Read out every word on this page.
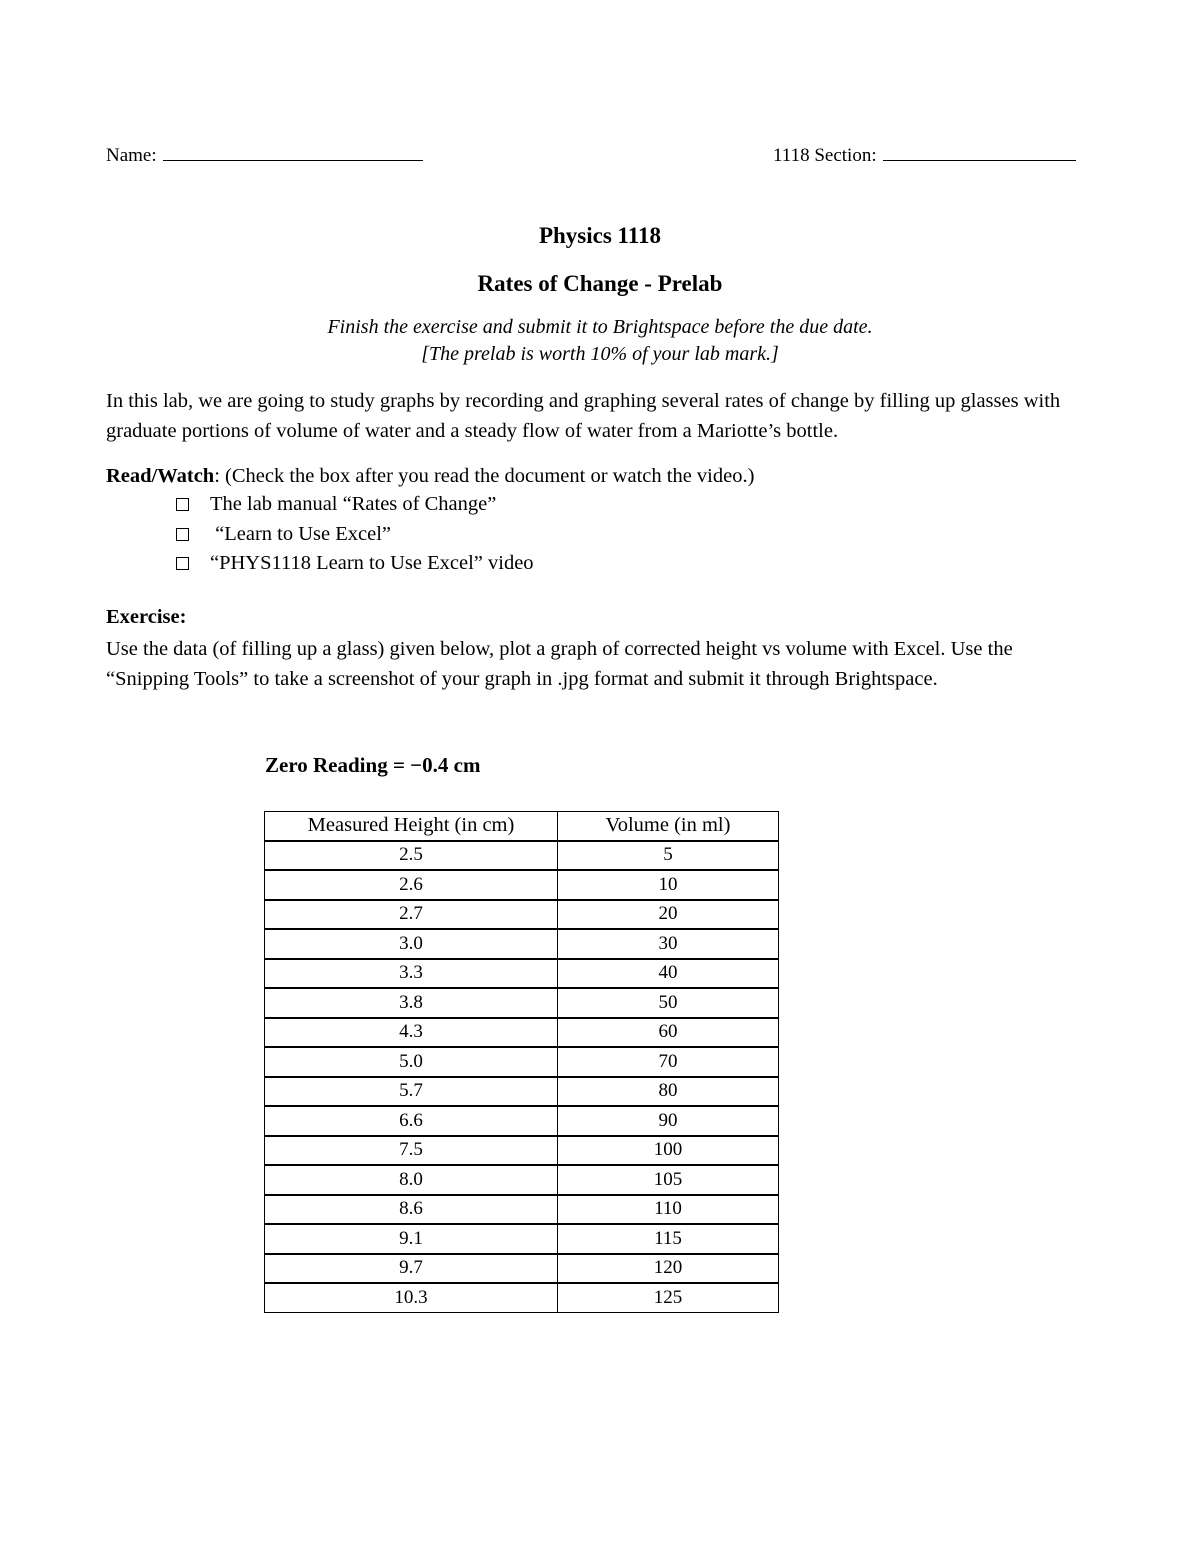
Name:	1118 Section:
Physics 1118
Rates of Change - Prelab
Finish the exercise and submit it to Brightspace before the due date.
[The prelab is worth 10% of your lab mark.]
In this lab, we are going to study graphs by recording and graphing several rates of change by filling up glasses with graduate portions of volume of water and a steady flow of water from a Mariotte’s bottle.
Read/Watch: (Check the box after you read the document or watch the video.)
The lab manual “Rates of Change”
“Learn to Use Excel”
“PHYS1118 Learn to Use Excel” video
Exercise:
Use the data (of filling up a glass) given below, plot a graph of corrected height vs volume with Excel. Use the “Snipping Tools” to take a screenshot of your graph in .jpg format and submit it through Brightspace.
Zero Reading = −0.4 cm
Measured Height (in cm)	Volume (in ml)
2.5	5
2.6	10
2.7	20
3.0	30
3.3	40
3.8	50
4.3	60
5.0	70
5.7	80
6.6	90
7.5	100
8.0	105
8.6	110
9.1	115
9.7	120
10.3	125
